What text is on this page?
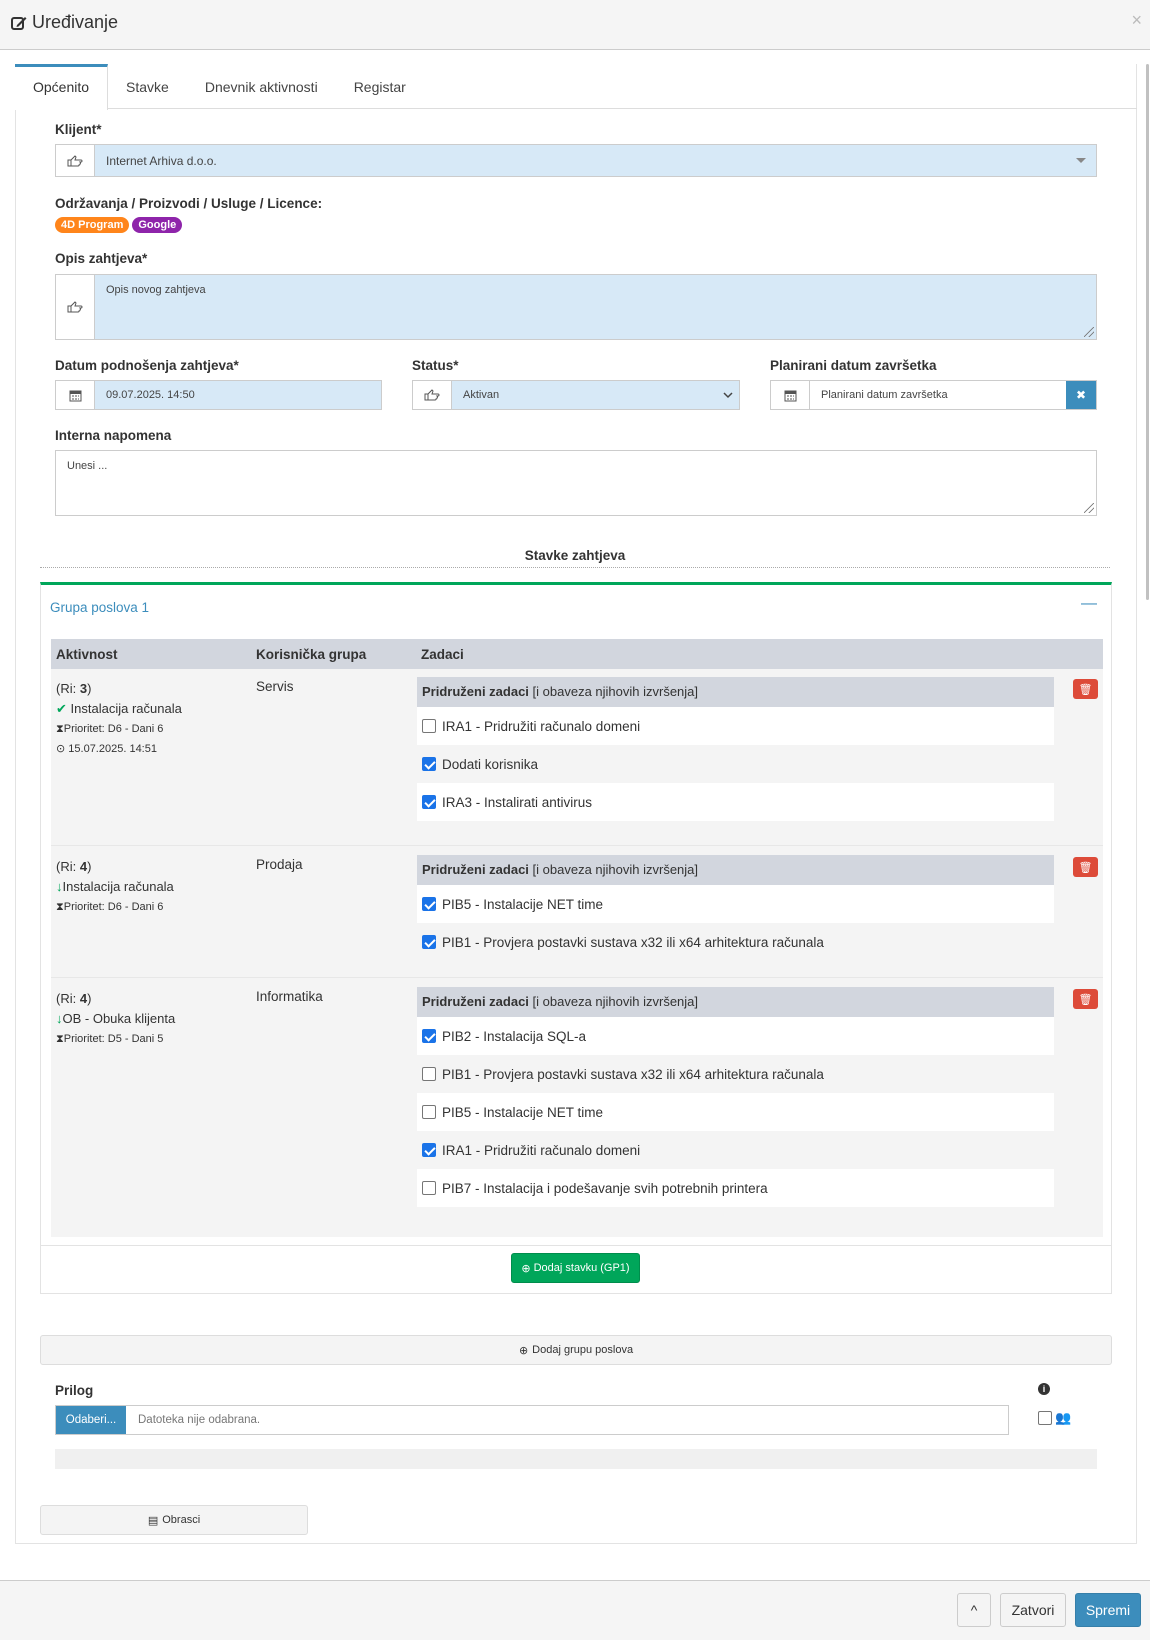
Uređivanje	×
Općenito	Stavke	Dnevnik aktivnosti	Registar
Klijent*
Internet Arhiva d.o.o.
Održavanja / Proizvodi / Usluge / Licence:
4D Program Google
Opis zahtjeva*
Opis novog zahtjeva
Datum podnošenja zahtjeva*
09.07.2025. 14:50
Status*
Aktivan
Planirani datum završetka
Planirani datum završetka	✖
Interna napomena
Unesi ...
Stavke zahtjeva
Grupa poslova 1	—
Aktivnost	Korisnička grupa	Zadaci
(Ri: 3)
✔ Instalacija računala
⧗Prioritet: D6 - Dani 6
⊙ 15.07.2025. 14:51
Servis	Pridruženi zadaci [i obaveza njihovih izvršenja]
IRA1 - Pridružiti računalo domeni
Dodati korisnika
IRA3 - Instalirati antivirus
🗑
(Ri: 4)
↓Instalacija računala
⧗Prioritet: D6 - Dani 6
Prodaja	Pridruženi zadaci [i obaveza njihovih izvršenja]
PIB5 - Instalacije NET time
PIB1 - Provjera postavki sustava x32 ili x64 arhitektura računala
🗑
(Ri: 4)
↓OB - Obuka klijenta
⧗Prioritet: D5 - Dani 5
Informatika	Pridruženi zadaci [i obaveza njihovih izvršenja]
PIB2 - Instalacija SQL-a
PIB1 - Provjera postavki sustava x32 ili x64 arhitektura računala
PIB5 - Instalacije NET time
IRA1 - Pridružiti računalo domeni
PIB7 - Instalacija i podešavanje svih potrebnih printera
🗑
⊕ Dodaj stavku (GP1)
⊕ Dodaj grupu poslova
Prilog
Odaberi...	Datoteka nije odabrana.
i
👥
▤ Obrasci
^	Zatvori	Spremi
